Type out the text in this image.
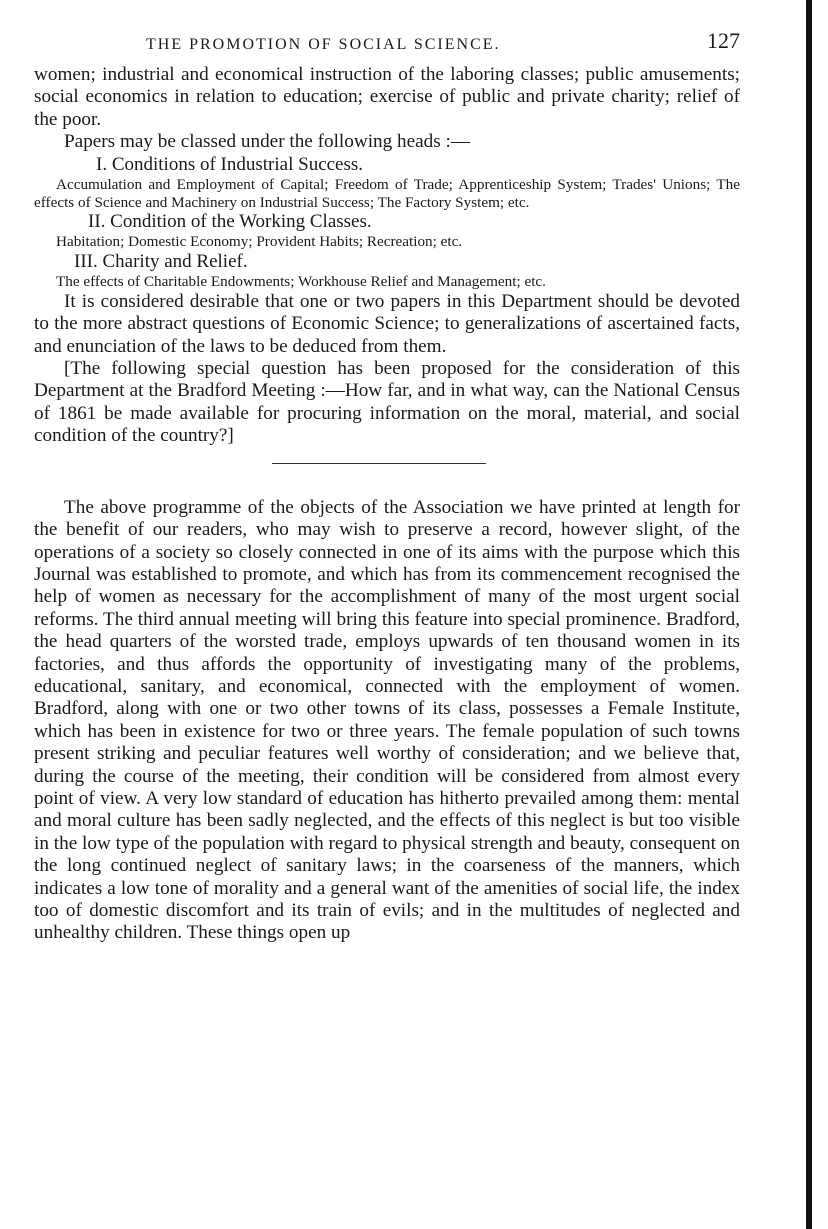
THE PROMOTION OF SOCIAL SCIENCE.	127

women; industrial and economical instruction of the laboring classes; public amusements; social economics in relation to education; exercise of public and private charity; relief of the poor.

Papers may be classed under the following heads :—

I. Conditions of Industrial Success.

Accumulation and Employment of Capital; Freedom of Trade; Apprenticeship System; Trades' Unions; The effects of Science and Machinery on Industrial Success; The Factory System; etc.

II. Condition of the Working Classes.

Habitation; Domestic Economy; Provident Habits; Recreation; etc.

III. Charity and Relief.

The effects of Charitable Endowments; Workhouse Relief and Management; etc.

It is considered desirable that one or two papers in this Department should be devoted to the more abstract questions of Economic Science; to generalizations of ascertained facts, and enunciation of the laws to be deduced from them.

[The following special question has been proposed for the consideration of this Department at the Bradford Meeting :—How far, and in what way, can the National Census of 1861 be made available for procuring information on the moral, material, and social condition of the country?]

The above programme of the objects of the Association we have printed at length for the benefit of our readers, who may wish to preserve a record, however slight, of the operations of a society so closely connected in one of its aims with the purpose which this Journal was established to promote, and which has from its commencement recognised the help of women as necessary for the accomplishment of many of the most urgent social reforms. The third annual meeting will bring this feature into special prominence. Bradford, the head quarters of the worsted trade, employs upwards of ten thousand women in its factories, and thus affords the opportunity of investigating many of the problems, educational, sanitary, and economical, connected with the employment of women. Bradford, along with one or two other towns of its class, possesses a Female Institute, which has been in existence for two or three years. The female population of such towns present striking and peculiar features well worthy of consideration; and we believe that, during the course of the meeting, their condition will be considered from almost every point of view. A very low standard of education has hitherto prevailed among them: mental and moral culture has been sadly neglected, and the effects of this neglect is but too visible in the low type of the population with regard to physical strength and beauty, consequent on the long continued neglect of sanitary laws; in the coarseness of the manners, which indicates a low tone of morality and a general want of the amenities of social life, the index too of domestic discomfort and its train of evils; and in the multitudes of neglected and unhealthy children. These things open up
